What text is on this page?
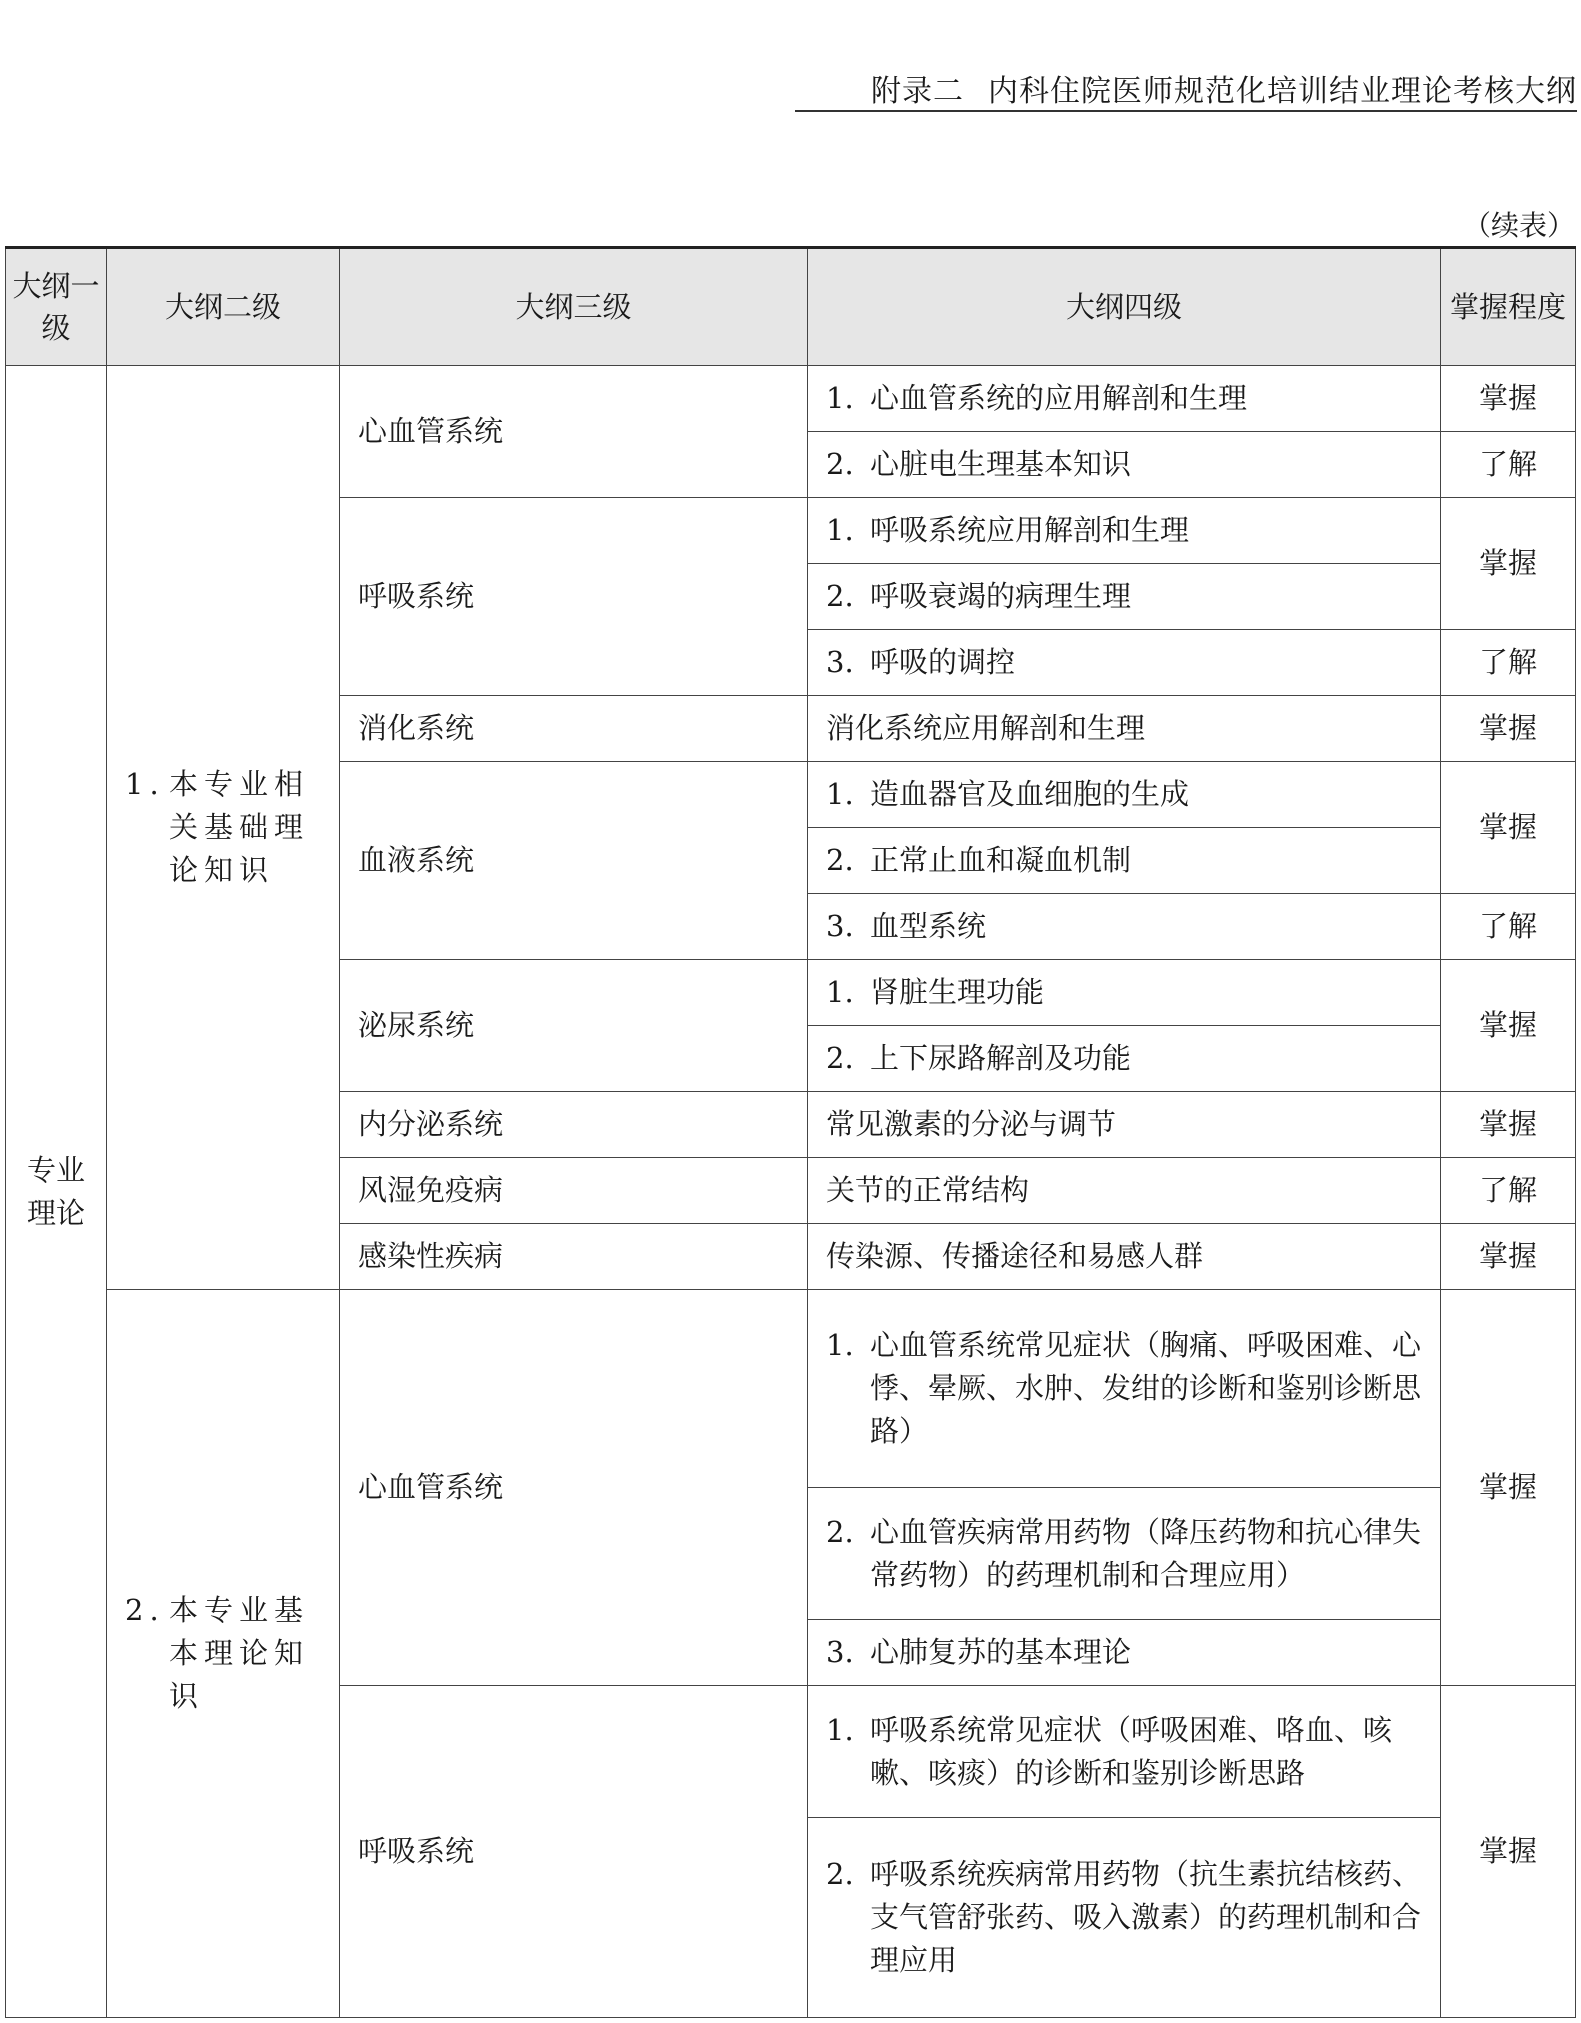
附录二 内科住院医师规范化培训结业理论考核大纲
（续表）
大纲一级	大纲二级	大纲三级	大纲四级	掌握程度
专业理论	1. 本专业相关基础理论知识	心血管系统	1. 心血管系统的应用解剖和生理	掌握

			2. 心脏电生理基本知识	了解
		呼吸系统	1. 呼吸系统应用解剖和生理	掌握

			2. 呼吸衰竭的病理生理	

			3. 呼吸的调控	了解
		消化系统	消化系统应用解剖和生理	掌握
		血液系统	1. 造血器官及血细胞的生成	掌握

			2. 正常止血和凝血机制	

			3. 血型系统	了解
		泌尿系统	1. 肾脏生理功能	掌握

			2. 上下尿路解剖及功能	

		内分泌系统	常见激素的分泌与调节	掌握
		风湿免疫病	关节的正常结构	了解
		感染性疾病	传染源、传播途径和易感人群	掌握

	2. 本专业基本理论知识	心血管系统	1. 心血管系统常见症状（胸痛、呼吸困难、心悸、晕厥、水肿、发绀的诊断和鉴别诊断思路）	掌握

			2. 心血管疾病常用药物（降压药物和抗心律失常药物）的药理机制和合理应用）	

			3. 心肺复苏的基本理论	

		呼吸系统	1. 呼吸系统常见症状（呼吸困难、咯血、咳嗽、咳痰）的诊断和鉴别诊断思路	掌握

			2. 呼吸系统疾病常用药物（抗生素抗结核药、支气管舒张药、吸入激素）的药理机制和合理应用	
